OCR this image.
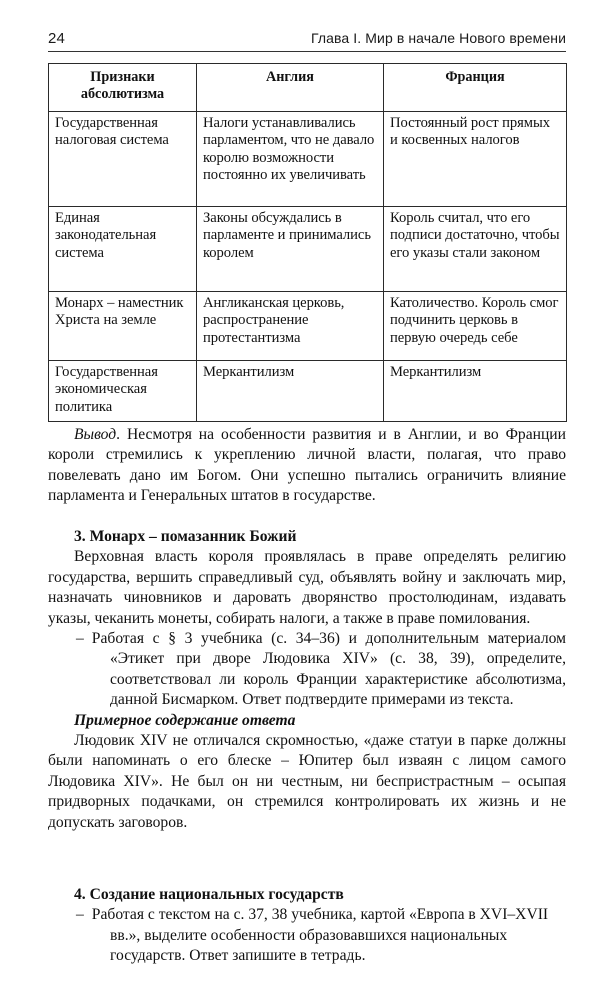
24	Глава I. Мир в начале Нового времени
Признаки абсолютизма	Англия	Франция
Государственная налоговая система	Налоги устанавливались парламентом, что не давало королю возможности постоянно их увеличивать	Постоянный рост прямых и косвенных налогов
Единая законодательная система	Законы обсуждались в парламенте и принимались королем	Король считал, что его подписи достаточно, чтобы его указы стали законом
Монарх – наместник Христа на земле	Англиканская церковь, распространение протестантизма	Католичество. Король смог подчинить церковь в первую очередь себе
Государственная экономическая политика	Меркантилизм	Меркантилизм

Вывод. Несмотря на особенности развития и в Англии, и во Франции короли стремились к укреплению личной власти, полагая, что право повелевать дано им Богом. Они успешно пытались ограничить влияние парламента и Генеральных штатов в государстве.

3. Монарх – помазанник Божий

Верховная власть короля проявлялась в праве определять религию государства, вершить справедливый суд, объявлять войну и заключать мир, назначать чиновников и даровать дворянство простолюдинам, издавать указы, чеканить монеты, собирать налоги, а также в праве помилования.

– Работая с § 3 учебника (с. 34–36) и дополнительным материалом «Этикет при дворе Людовика XIV» (с. 38, 39), определите, соответствовал ли король Франции характеристике абсолютизма, данной Бисмарком. Ответ подтвердите примерами из текста.

Примерное содержание ответа

Людовик XIV не отличался скромностью, «даже статуи в парке должны были напоминать о его блеске – Юпитер был изваян с лицом самого Людовика XIV». Не был он ни честным, ни беспристрастным – осыпая придворных подачками, он стремился контролировать их жизнь и не допускать заговоров.

4. Создание национальных государств

– Работая с текстом на с. 37, 38 учебника, картой «Европа в XVI–XVII вв.», выделите особенности образовавшихся национальных государств. Ответ запишите в тетрадь.
